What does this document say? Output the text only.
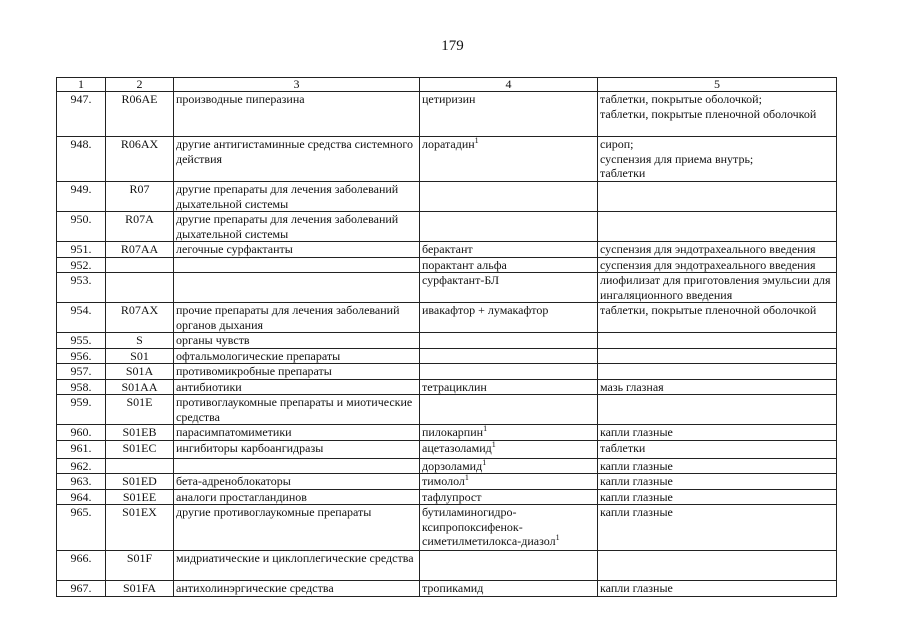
179
1	2	3	4	5
947.	R06AE	производные пиперазина	цетиризин	таблетки, покрытые оболочкой;
таблетки, покрытые пленочной оболочкой

948.	R06AX	другие антигистаминные средства системного действия	лоратадин$^1$	сироп;
суспензия для приема внутрь;
таблетки

949.	R07	другие препараты для лечения заболеваний дыхательной системы		
950.	R07A	другие препараты для лечения заболеваний дыхательной системы		
951.	R07AA	легочные сурфактанты	берактант	суспензия для эндотрахеального введения

952.			порактант альфа	суспензия для эндотрахеального введения

953.			сурфактант-БЛ	лиофилизат для приготовления эмульсии для ингаляционного введения

954.	R07AX	прочие препараты для лечения заболеваний органов дыхания	ивакафтор + лумакафтор	таблетки, покрытые пленочной оболочкой

955.	S	органы чувств		
956.	S01	офтальмологические препараты		
957.	S01A	противомикробные препараты		
958.	S01AA	антибиотики	тетрациклин	мазь глазная

959.	S01E	противоглаукомные препараты и миотические средства		
960.	S01EB	парасимпатомиметики	пилокарпин$^1$	капли глазные

961.	S01EC	ингибиторы карбоангидразы	ацетазоламид$^1$	таблетки

962.			дорзоламид$^1$	капли глазные

963.	S01ED	бета-адреноблокаторы	тимолол$^1$	капли глазные

964.	S01EE	аналоги простагландинов	тафлупрост	капли глазные

965.	S01EX	другие противоглаукомные препараты	бутиламиногидро-
ксипропоксифенок-
симетилметилокса-диазол$^1$	капли глазные

966.	S01F	мидриатические и циклоплегические средства		
967.	S01FA	антихолинэргические средства	тропикамид	капли глазные
